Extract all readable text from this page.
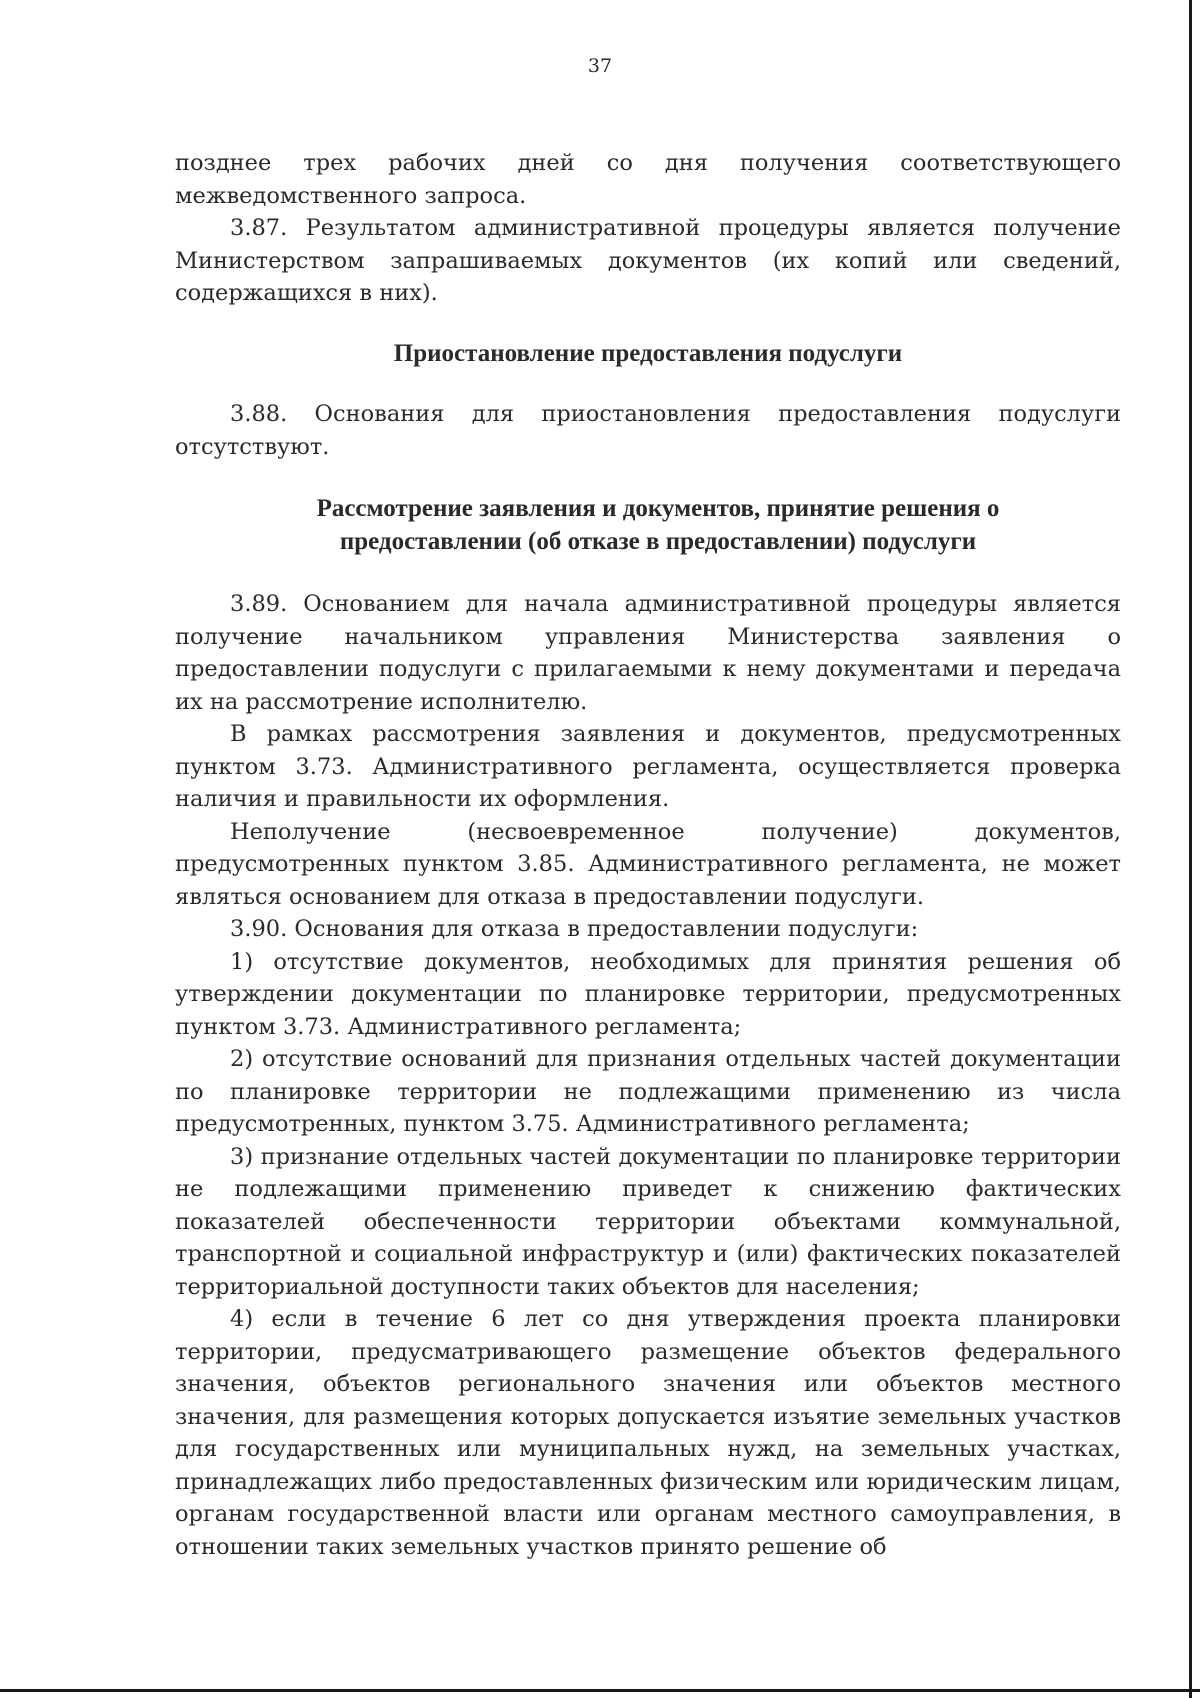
37

позднее трех рабочих дней со дня получения соответствующего межведомственного запроса.

3.87. Результатом административной процедуры является получение Министерством запрашиваемых документов (их копий или сведений, содержащихся в них).

Приостановление предоставления подуслуги

3.88. Основания для приостановления предоставления подуслуги отсутствуют.

Рассмотрение заявления и документов, принятие решения о предоставлении (об отказе в предоставлении) подуслуги

3.89. Основанием для начала административной процедуры является получение начальником управления Министерства заявления о предоставлении подуслуги с прилагаемыми к нему документами и передача их на рассмотрение исполнителю.

В рамках рассмотрения заявления и документов, предусмотренных пунктом 3.73. Административного регламента, осуществляется проверка наличия и правильности их оформления.

Неполучение (несвоевременное получение) документов, предусмотренных пунктом 3.85. Административного регламента, не может являться основанием для отказа в предоставлении подуслуги.

3.90. Основания для отказа в предоставлении подуслуги:

1) отсутствие документов, необходимых для принятия решения об утверждении документации по планировке территории, предусмотренных пунктом 3.73. Административного регламента;

2) отсутствие оснований для признания отдельных частей документации по планировке территории не подлежащими применению из числа предусмотренных, пунктом 3.75. Административного регламента;

3) признание отдельных частей документации по планировке территории не подлежащими применению приведет к снижению фактических показателей обеспеченности территории объектами коммунальной, транспортной и социальной инфраструктур и (или) фактических показателей территориальной доступности таких объектов для населения;

4) если в течение 6 лет со дня утверждения проекта планировки территории, предусматривающего размещение объектов федерального значения, объектов регионального значения или объектов местного значения, для размещения которых допускается изъятие земельных участков для государственных или муниципальных нужд, на земельных участках, принадлежащих либо предоставленных физическим или юридическим лицам, органам государственной власти или органам местного самоуправления, в отношении таких земельных участков принято решение об
